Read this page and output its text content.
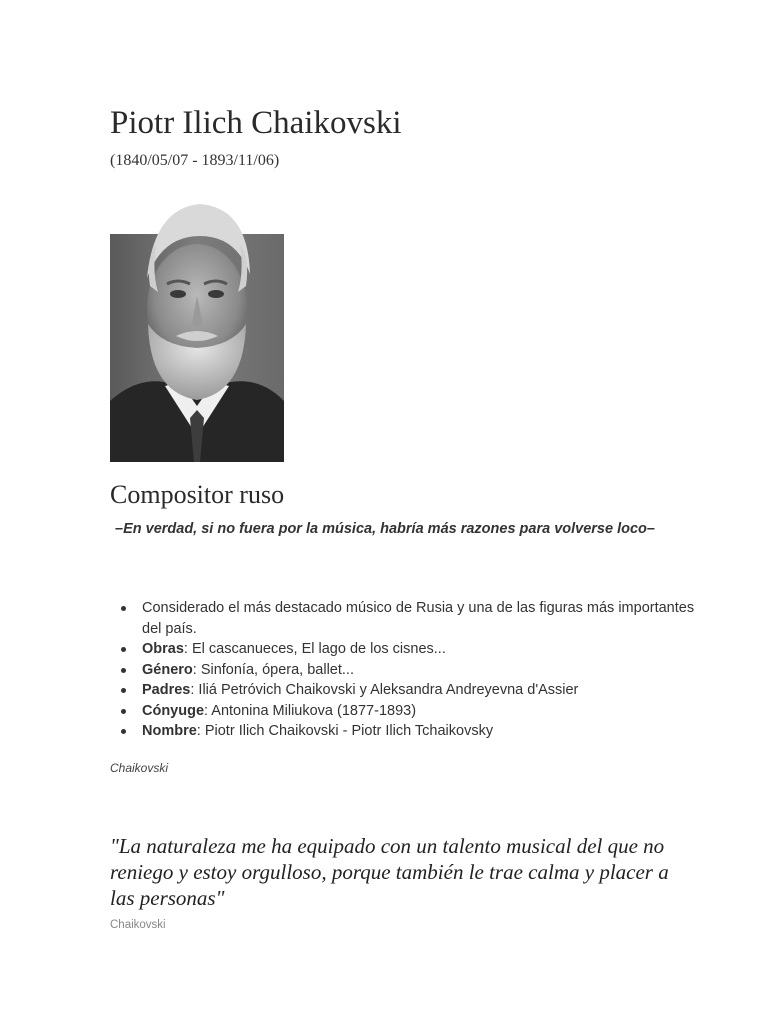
Piotr Ilich Chaikovski
(1840/05/07 - 1893/11/06)
Compositor ruso
–En verdad, si no fuera por la música, habría más razones para volverse loco–
Considerado el más destacado músico de Rusia y una de las figuras más importantes del país.
Obras: El cascanueces, El lago de los cisnes...
Género: Sinfonía, ópera, ballet...
Padres: Iliá Petróvich Chaikovski y Aleksandra Andreyevna d'Assier
Cónyuge: Antonina Miliukova (1877-1893)
Nombre: Piotr Ilich Chaikovski - Piotr Ilich Tchaikovsky
Chaikovski
"La naturaleza me ha equipado con un talento musical del que no reniego y estoy orgulloso, porque también le trae calma y placer a las personas"
Chaikovski
